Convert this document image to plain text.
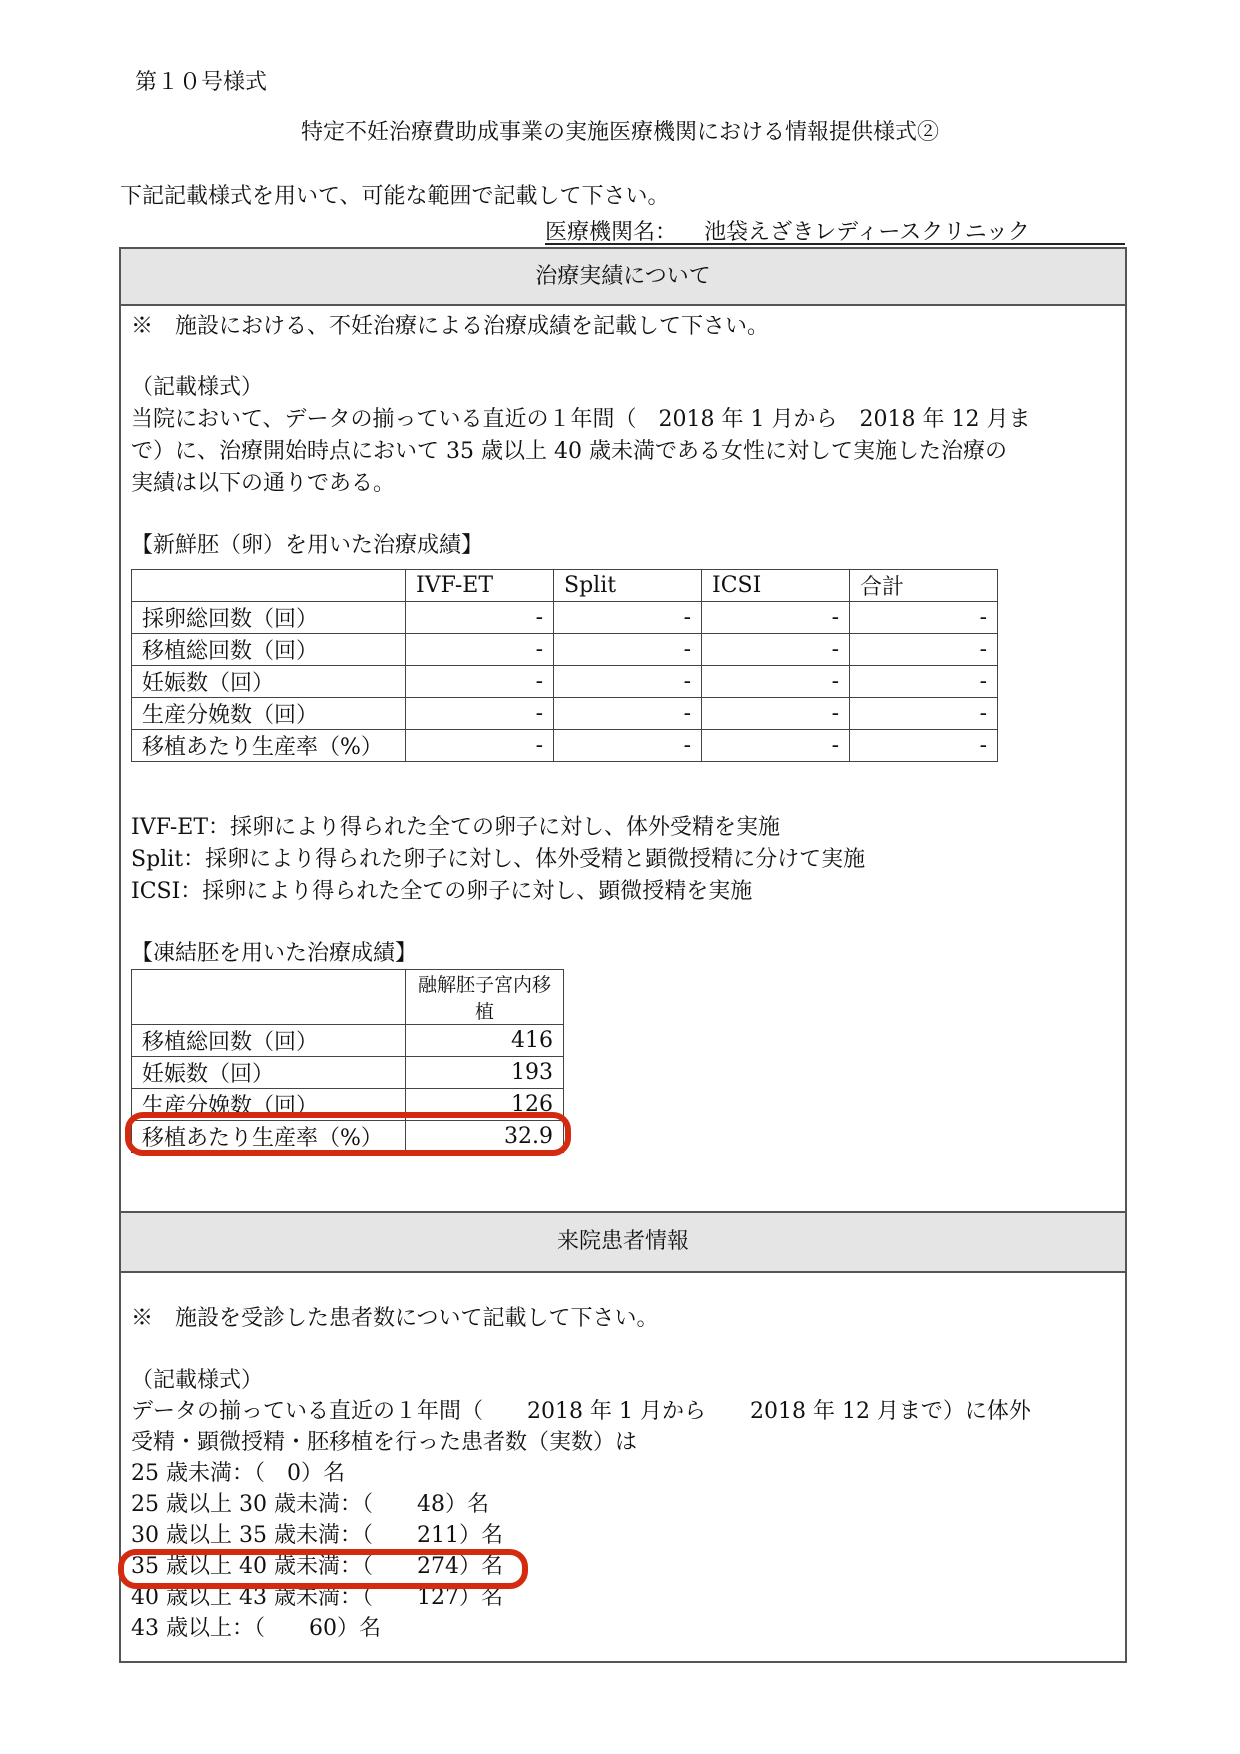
第１０号様式
特定不妊治療費助成事業の実施医療機関における情報提供様式②
下記記載様式を用いて、可能な範囲で記載して下さい。
医療機関名： 池袋えざきレディースクリニック
治療実績について
※　施設における、不妊治療による治療成績を記載して下さい。
（記載様式）
当院において、データの揃っている直近の１年間（　2018 年 1 月から　2018 年 12 月ま
で）に、治療開始時点において 35 歳以上 40 歳未満である女性に対して実施した治療の
実績は以下の通りである。
【新鮮胚（卵）を用いた治療成績】
	IVF-ET	Split	ICSI	合計
採卵総回数（回）	-	-	-	-
移植総回数（回）	-	-	-	-
妊娠数（回）	-	-	-	-
生産分娩数（回）	-	-	-	-
移植あたり生産率（%）	-	-	-	-
IVF-ET：採卵により得られた全ての卵子に対し、体外受精を実施
Split：採卵により得られた卵子に対し、体外受精と顕微授精に分けて実施
ICSI：採卵により得られた全ての卵子に対し、顕微授精を実施
【凍結胚を用いた治療成績】
	融解胚子宮内移植
移植総回数（回）	416
妊娠数（回）	193
生産分娩数（回）	126
移植あたり生産率（%）	32.9
来院患者情報
※　施設を受診した患者数について記載して下さい。
（記載様式）
データの揃っている直近の１年間（　　2018 年 1 月から　　2018 年 12 月まで）に体外
受精・顕微授精・胚移植を行った患者数（実数）は
25 歳未満：（　0）名
25 歳以上 30 歳未満：（　　48）名
30 歳以上 35 歳未満：（　　211）名
35 歳以上 40 歳未満：（　　274）名
40 歳以上 43 歳未満：（　　127）名
43 歳以上：（　　60）名
